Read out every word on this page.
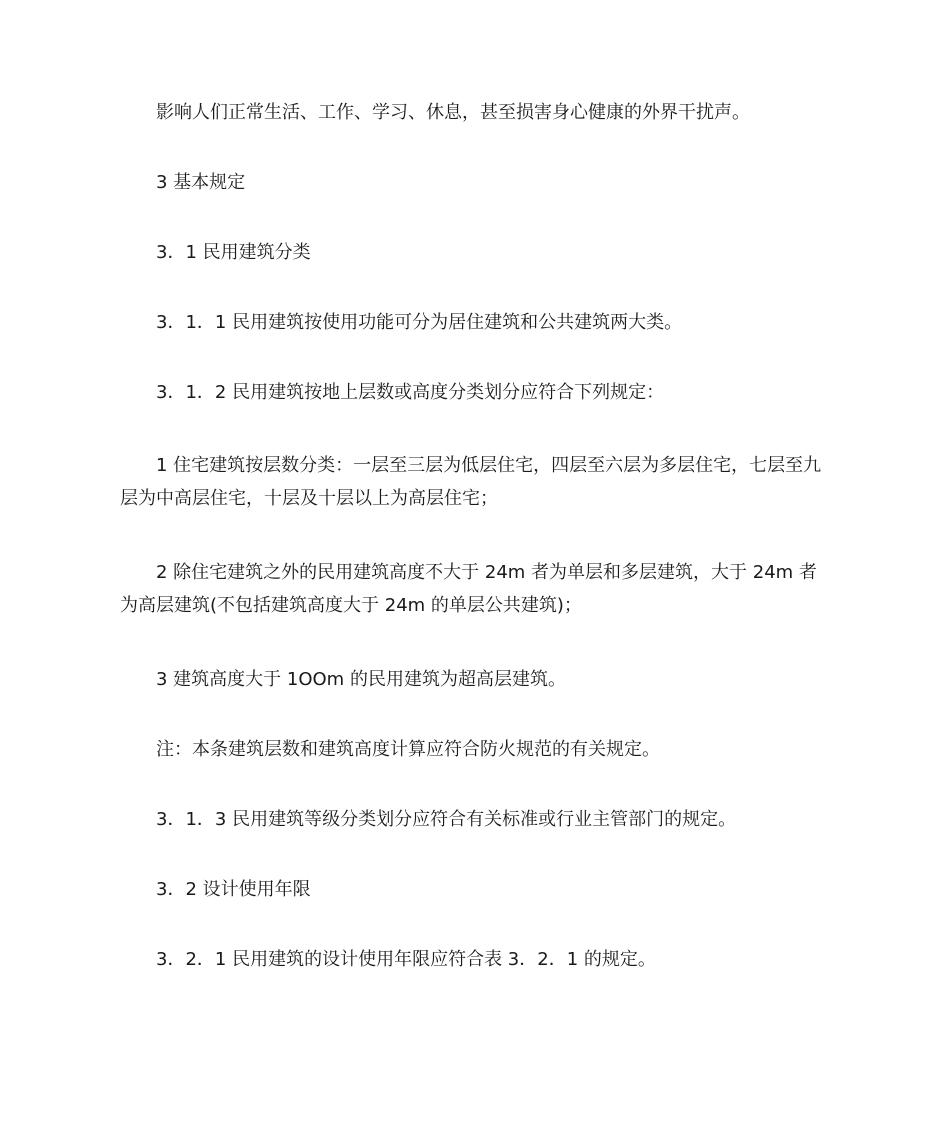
影响人们正常生活、工作、学习、休息，甚至损害身心健康的外界干扰声。

3 基本规定

3．1 民用建筑分类

3．1．1 民用建筑按使用功能可分为居住建筑和公共建筑两大类。

3．1．2 民用建筑按地上层数或高度分类划分应符合下列规定：

1 住宅建筑按层数分类：一层至三层为低层住宅，四层至六层为多层住宅，七层至九层为中高层住宅，十层及十层以上为高层住宅；

2 除住宅建筑之外的民用建筑高度不大于 24m 者为单层和多层建筑，大于 24m 者为高层建筑(不包括建筑高度大于 24m 的单层公共建筑)；

3 建筑高度大于 1OOm 的民用建筑为超高层建筑。

注：本条建筑层数和建筑高度计算应符合防火规范的有关规定。

3．1．3 民用建筑等级分类划分应符合有关标准或行业主管部门的规定。

3．2 设计使用年限

3．2．1 民用建筑的设计使用年限应符合表 3．2．1 的规定。
